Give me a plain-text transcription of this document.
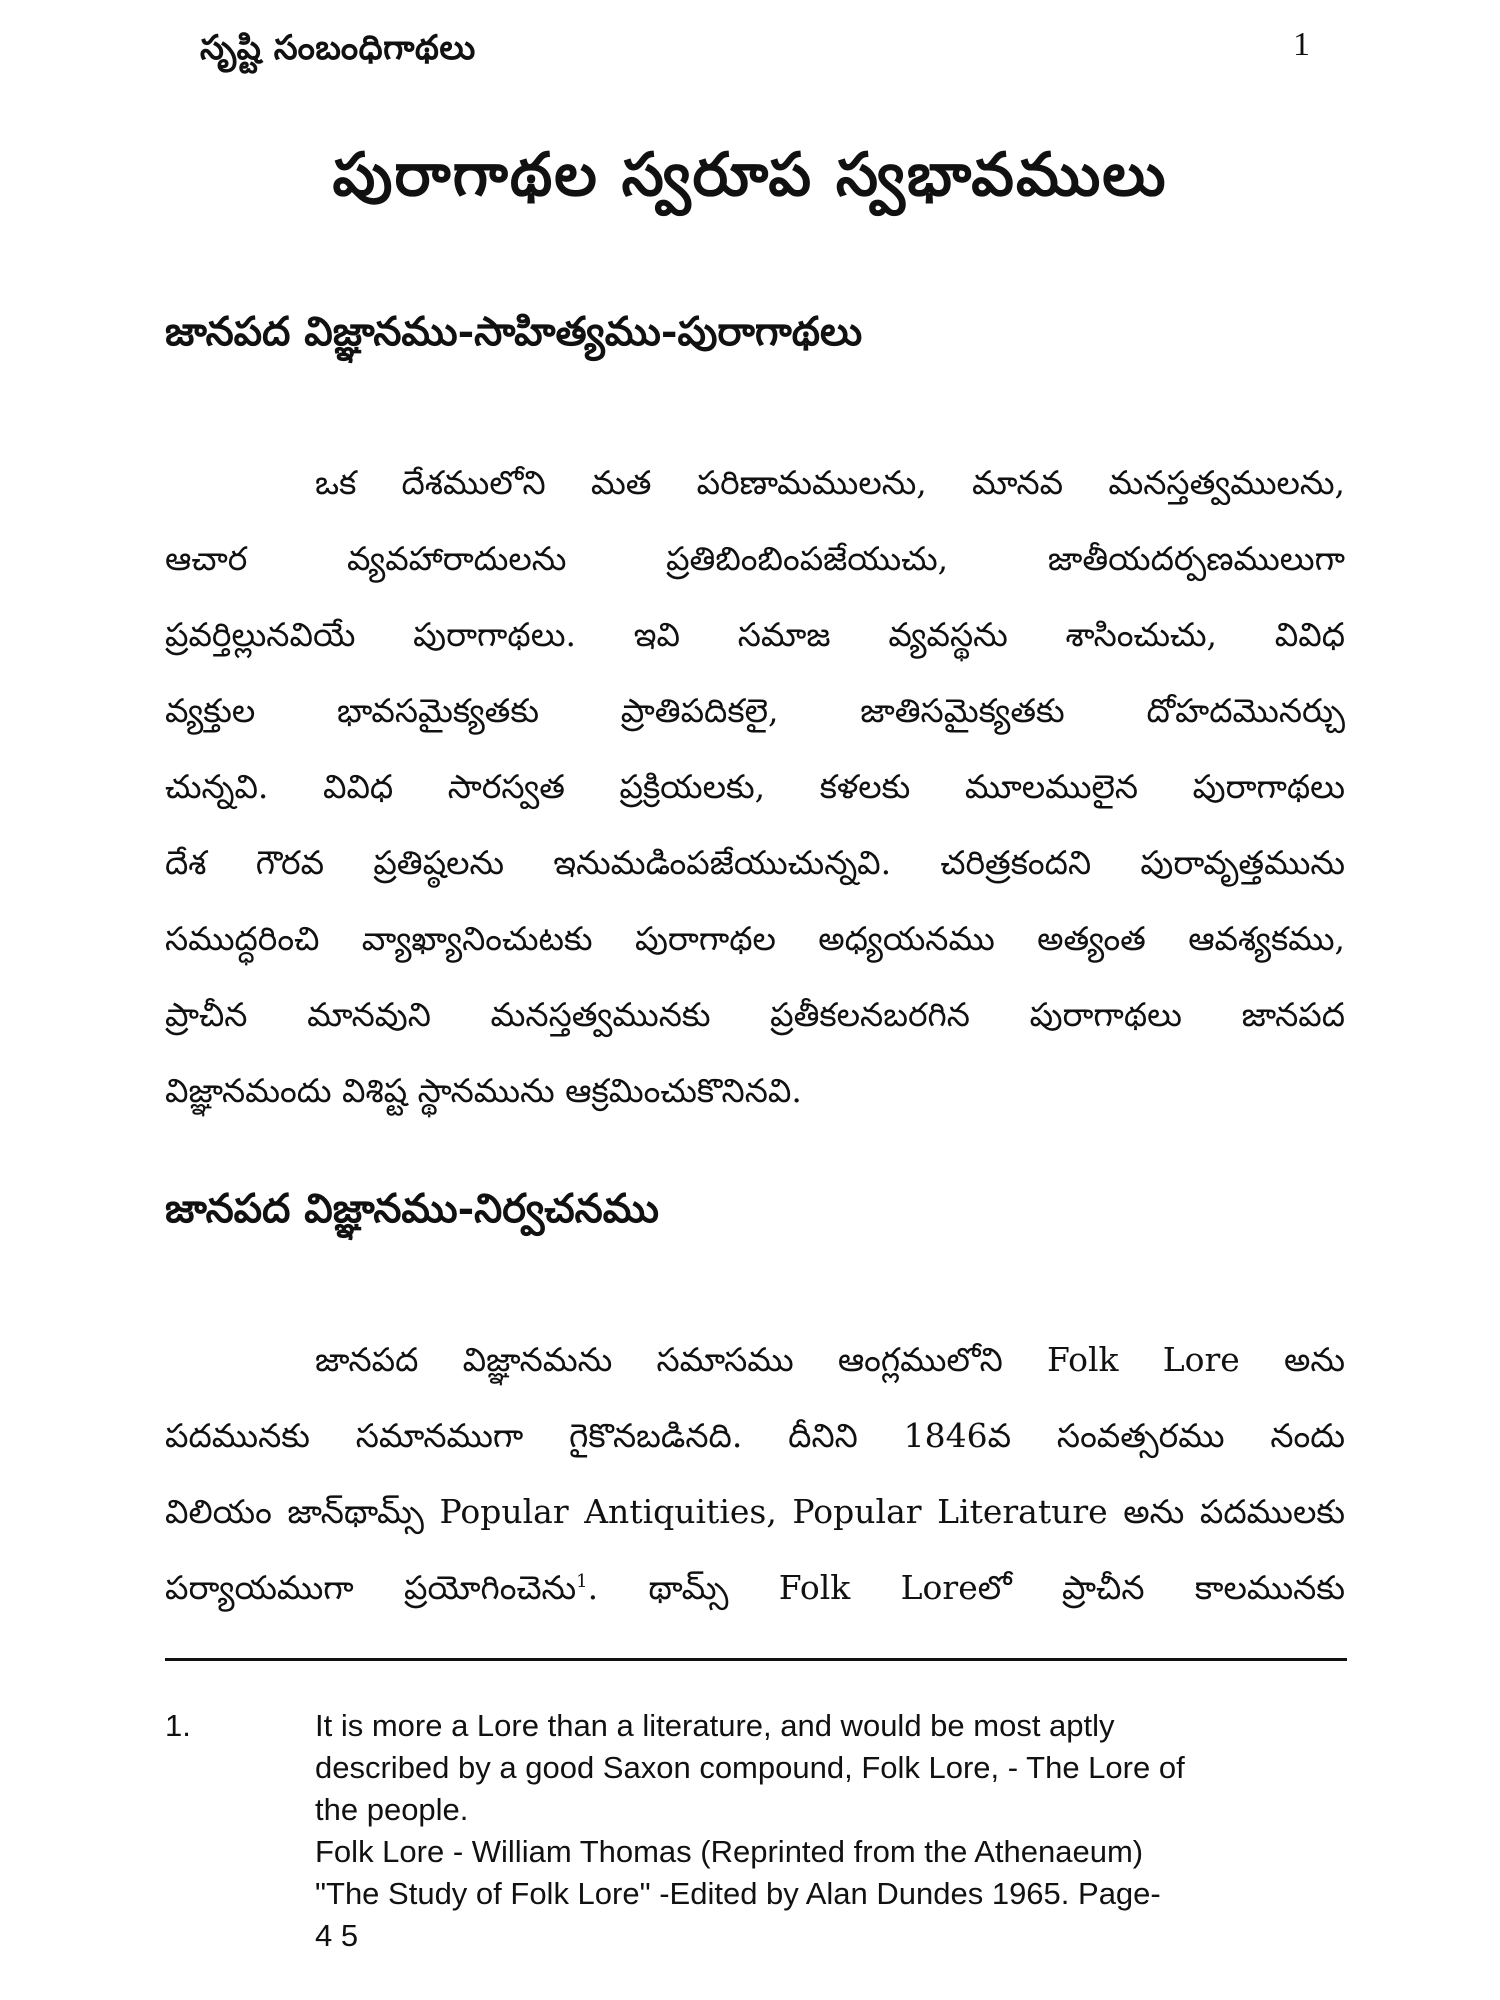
సృష్టి సంబంధిగాథలు	1
పురాగాథల స్వరూప స్వభావములు
జానపద విజ్ఞానము-సాహిత్యము-పురాగాథలు
ఒక దేశములోని మత పరిణామములను, మానవ మనస్తత్వములను,
ఆచార వ్యవహారాదులను ప్రతిబింబింపజేయుచు, జాతీయదర్పణములుగా
ప్రవర్తిల్లునవియే పురాగాథలు. ఇవి సమాజ వ్యవస్థను శాసించుచు, వివిధ
వ్యక్తుల భావసమైక్యతకు ప్రాతిపదికలై, జాతిసమైక్యతకు దోహదమొనర్చు
చున్నవి. వివిధ సారస్వత ప్రక్రియలకు, కళలకు మూలములైన పురాగాథలు
దేశ గౌరవ ప్రతిష్ఠలను ఇనుమడింపజేయుచున్నవి. చరిత్రకందని పురావృత్తమును
సముద్ధరించి వ్యాఖ్యానించుటకు పురాగాథల అధ్యయనము అత్యంత ఆవశ్యకము,
ప్రాచీన మానవుని మనస్తత్వమునకు ప్రతీకలనబరగిన పురాగాథలు జానపద
విజ్ఞానమందు విశిష్ట స్థానమును ఆక్రమించుకొనినవి.
జానపద విజ్ఞానము-నిర్వచనము
జానపద విజ్ఞానమను సమాసము ఆంగ్లములోని Folk Lore అను
పదమునకు సమానముగా గైకొనబడినది. దీనిని 1846వ సంవత్సరము నందు
విలియం జాన్‌థామ్స్ Popular Antiquities, Popular Literature అను పదములకు
పర్యాయముగా ప్రయోగించెను$^1$. థామ్స్ Folk Loreలో ప్రాచీన కాలమునకు
1.	It is more a Lore than a literature, and would be most aptly
described by a good Saxon compound, Folk Lore, - The Lore of
the people.
Folk Lore - William Thomas (Reprinted from the Athenaeum)
"The Study of Folk Lore" -Edited by Alan Dundes 1965. Page-
4 5
